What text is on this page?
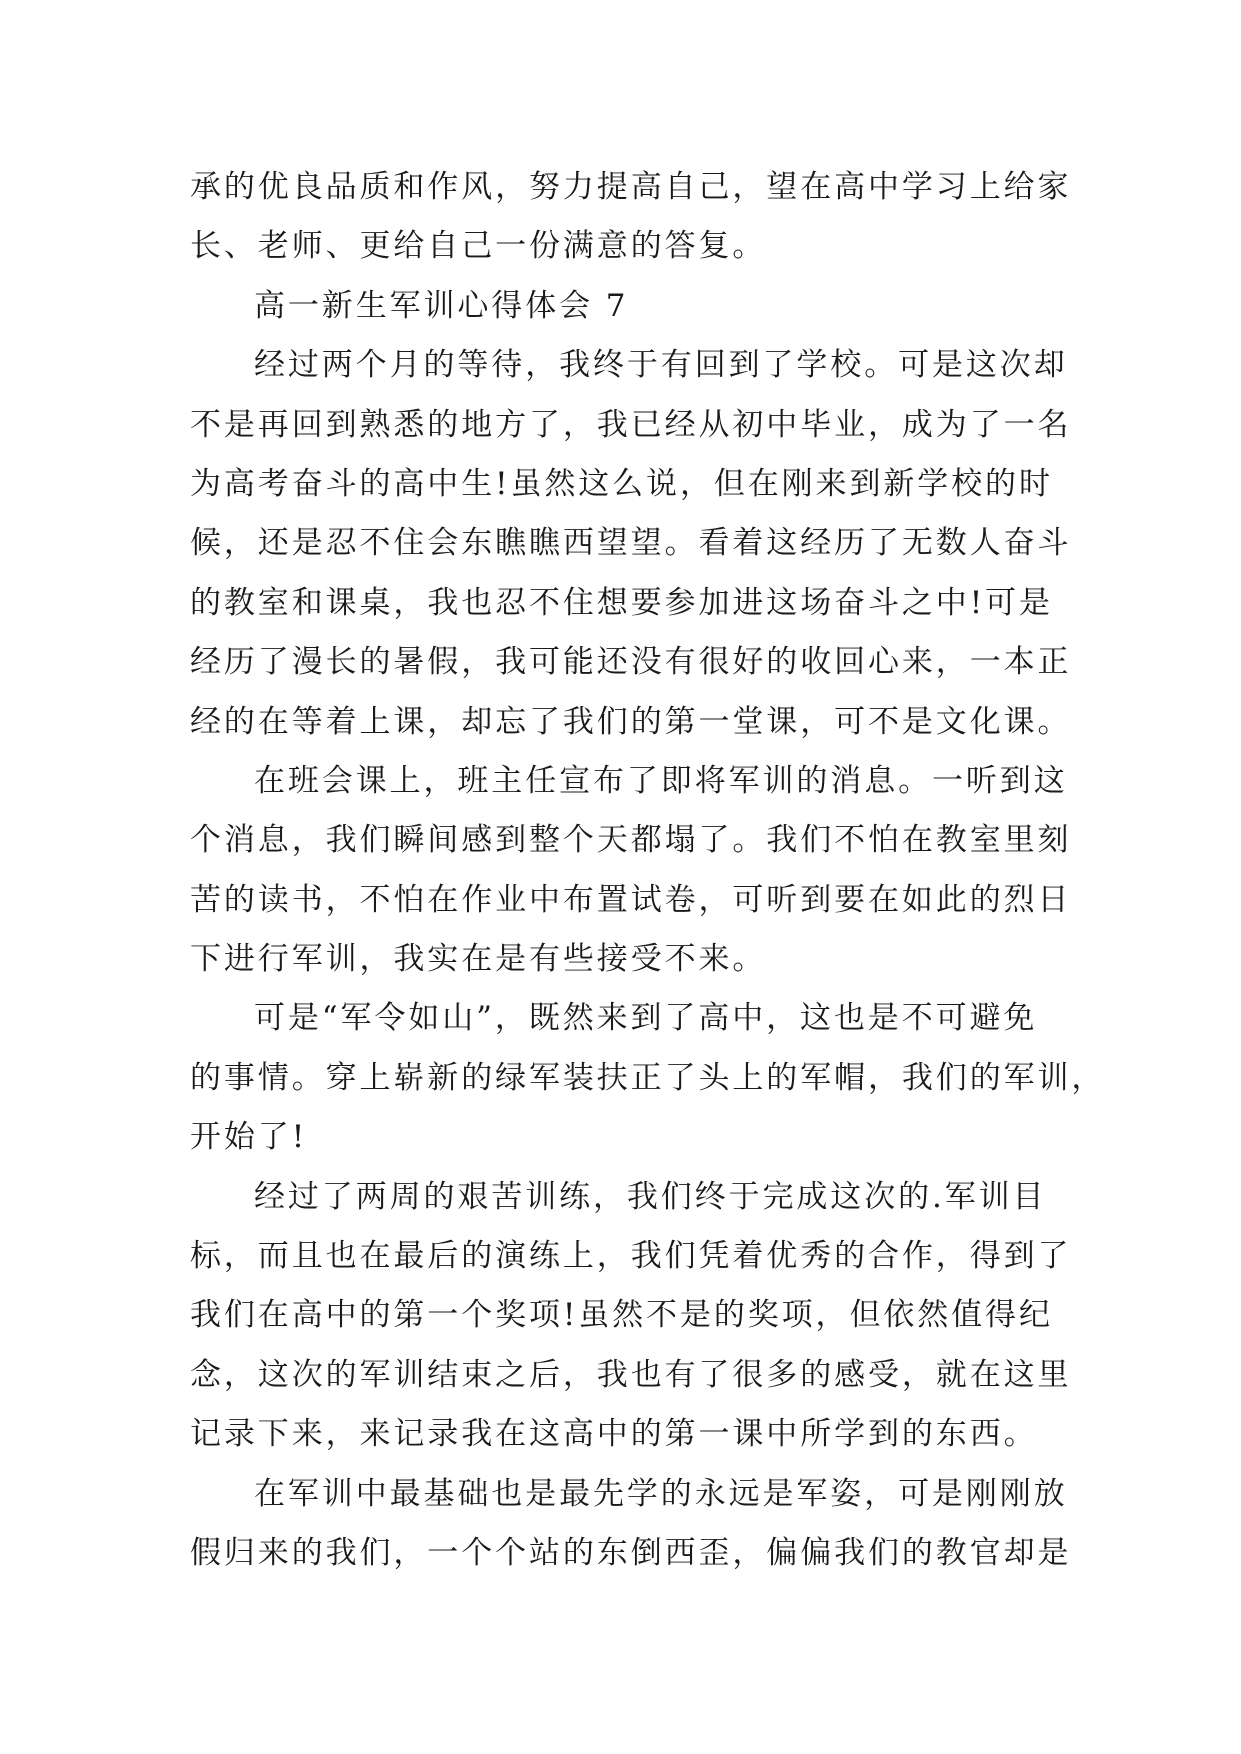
承的优良品质和作风，努力提高自己，望在高中学习上给家
长、老师、更给自己一份满意的答复。
高一新生军训心得体会 7
经过两个月的等待，我终于有回到了学校。可是这次却
不是再回到熟悉的地方了，我已经从初中毕业，成为了一名
为高考奋斗的高中生!虽然这么说，但在刚来到新学校的时
候，还是忍不住会东瞧瞧西望望。看着这经历了无数人奋斗
的教室和课桌，我也忍不住想要参加进这场奋斗之中!可是
经历了漫长的暑假，我可能还没有很好的收回心来，一本正
经的在等着上课，却忘了我们的第一堂课，可不是文化课。
在班会课上，班主任宣布了即将军训的消息。一听到这
个消息，我们瞬间感到整个天都塌了。我们不怕在教室里刻
苦的读书，不怕在作业中布置试卷，可听到要在如此的烈日
下进行军训，我实在是有些接受不来。
可是“军令如山”，既然来到了高中，这也是不可避免
的事情。穿上崭新的绿军装扶正了头上的军帽，我们的军训，
开始了!
经过了两周的艰苦训练，我们终于完成这次的.军训目
标，而且也在最后的演练上，我们凭着优秀的合作，得到了
我们在高中的第一个奖项!虽然不是的奖项，但依然值得纪
念，这次的军训结束之后，我也有了很多的感受，就在这里
记录下来，来记录我在这高中的第一课中所学到的东西。
在军训中最基础也是最先学的永远是军姿，可是刚刚放
假归来的我们，一个个站的东倒西歪，偏偏我们的教官却是
